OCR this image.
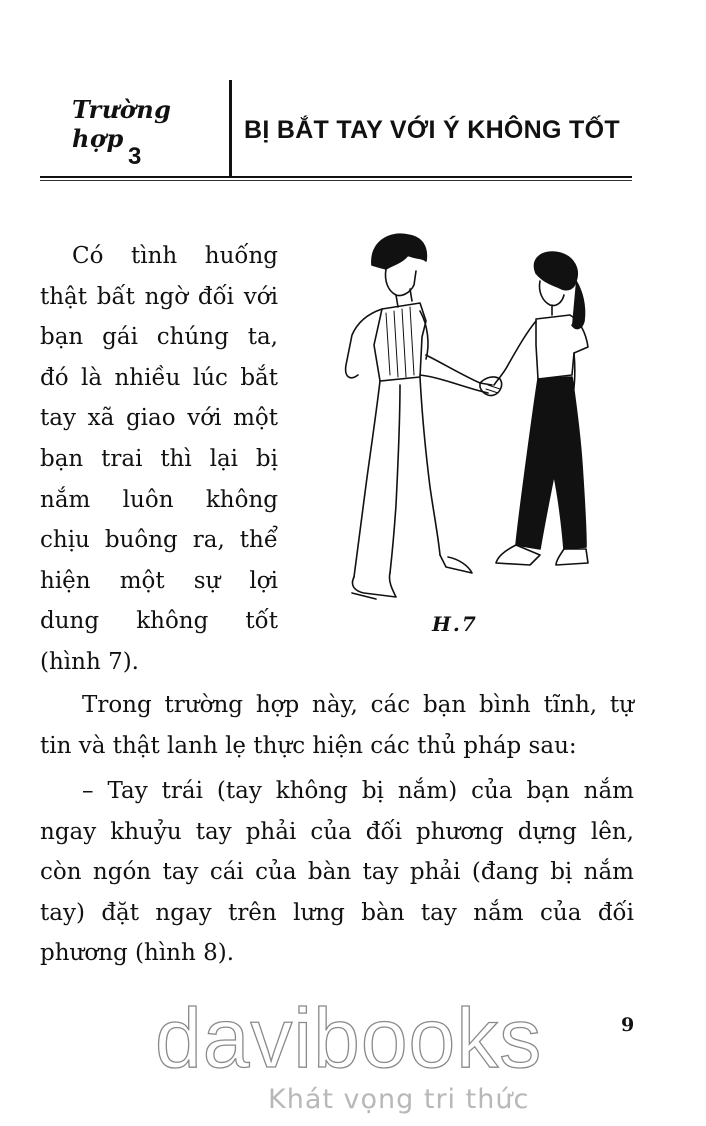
Trường hợp
3
BỊ BẮT TAY VỚI Ý KHÔNG TỐT
Có tình huống
thật bất ngờ đối với
bạn gái chúng ta,
đó là nhiều lúc bắt
tay xã giao với một
bạn trai thì lại bị
nắm luôn không
chịu buông ra, thể
hiện một sự lợi
dung không tốt
(hình 7).
H.7
Trong trường hợp này, các bạn bình tĩnh, tự
tin và thật lanh lẹ thực hiện các thủ pháp sau:
– Tay trái (tay không bị nắm) của bạn nắm
ngay khuỷu tay phải của đối phương dựng lên,
còn ngón tay cái của bàn tay phải (đang bị nắm
tay) đặt ngay trên lưng bàn tay nắm của đối
phương (hình 8).
9
davibooks
Khát vọng tri thức
